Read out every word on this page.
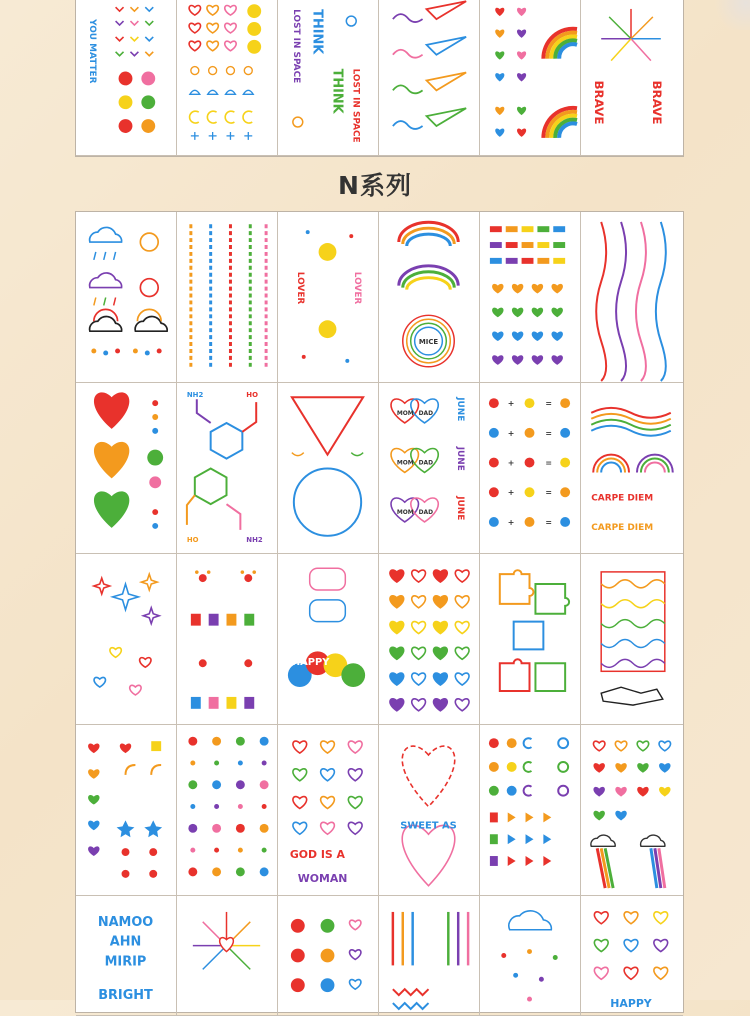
YOU MATTER	LOST IN SPACE THINK
THINK LOST IN SPACE	BRAVE	BRAVE
N系列
LOVER	LOVER
MICE
NH2	HO
NH2
HO
MOM DAD
MOM DAD
MOM DAD
JUNE
JUNE
JUNE
+	=
+	=
+	=
+	=
+	=
CARPE DIEM
CARPE DIEM
HAPPY
GOD IS A
WOMAN
SWEET AS
NAMOO
AHN
MIRIP
BRIGHT
HAPPY
